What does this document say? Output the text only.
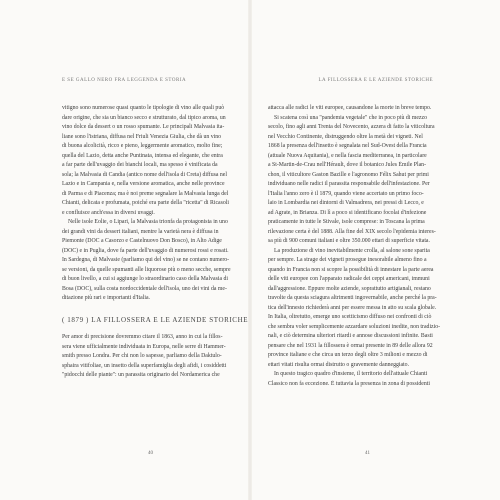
E SE GALLO NERO FRA LEGGENDA E STORIA
vitigno sono numerose quasi quanto le tipologie di vino alle quali può
dare origine, che sia un bianco secco e strutturato, dal tipico aroma, un
vino dolce da dessert o un rosso spumante. Le principali Malvasia ita-
liane sono l'istriana, diffusa nel Friuli Venezia Giulia, che dà un vino
di buona alcolicità, ricco e pieno, leggermente aromatico, molto fine;
quella del Lazio, detta anche Puntinata, intensa ed elegante, che entra
a far parte dell'uvaggio dei bianchi locali, ma spesso è vinificata da
sola; la Malvasia di Candia (antico nome dell'isola di Creta) diffusa nel
Lazio e in Campania e, nella versione aromatica, anche nelle province
di Parma e di Piacenza; ma è noi preme segnalare la Malvasia lunga del
Chianti, delicata e profumata, poiché era parte della "ricetta" di Ricasoli
e confluisce anch'essa in diversi uvaggi.
Nelle isole Eolie, o Lipari, la Malvasia trionfa da protagonista in uno
dei grandi vini da dessert italiani, mentre la varietà nera è diffusa in
Piemonte (DOC a Casorzo e Castelnuovo Don Bosco), in Alto Adige
(DOC) e in Puglia, dove fa parte dell'uvaggio di numerosi rossi e rosati.
In Sardegna, di Malvasie (parliamo qui del vino) se ne contano numero-
se versioni, da quelle spumanti alle liquorose più o meno secche, sempre
di buon livello, a cui si aggiunge lo straordinario caso della Malvasia di
Bosa (DOC), sulla costa nordoccidentale dell'isola, uno dei vini da me-
ditazione più rari e importanti d'Italia.
( 1879 ) LA FILLOSSERA E LE AZIENDE STORICHE
Per amor di precisione dovremmo citare il 1863, anno in cui la fillos-
sera viene ufficialmente individuata in Europa, nelle serre di Hammer-
smith presso Londra. Per chi non lo sapesse, parliamo della Daktulo-
sphaira vitifoliae, un insetto della superfamiglia degli afidi, i cosiddetti
"pidocchi delle piante": un parassita originario del Nordamerica che
40
LA FILLOSSERA E LE AZIENDE STORICHE
attacca alle radici le viti europee, causandone la morte in breve tempo.
Si scatena così una "pandemia vegetale" che in poco più di mezzo
secolo, fino agli anni Trenta del Novecento, azzera di fatto la viticoltura
nel Vecchio Continente, distruggendo oltre la metà dei vigneti. Nel
1868 la presenza dell'insetto è segnalata nel Sud-Ovest della Francia
(attuale Nuova Aquitania), e nella fascia mediterranea, in particolare
a St-Martin-de-Crau nell'Hérault, dove il botanico Jules Émile Plan-
chon, il viticultore Gaston Bazille e l'agronomo Félix Sahut per primi
individuano nelle radici il parassita responsabile dell'infestazione. Per
l'Italia l'anno zero è il 1879, quando viene accertato un primo foco-
laio in Lombardia nei dintorni di Valmadrera, nei pressi di Lecco, e
ad Agrate, in Brianza. Di lì a poco si identificano focolai d'infezione
praticamente in tutte le Stivale, isole comprese: in Toscana la prima
rilevazione certa è del 1888. Alla fine del XIX secolo l'epidemia interes-
sa più di 900 comuni italiani e oltre 350.000 ettari di superficie vitata.
La produzione di vino inevitabilmente crolla, al salone sone sparita
per sempre. La strage dei vigneti prosegue inesorabile almeno fino a
quando in Francia non si scopre la possibilità di innestare la parte aerea
delle viti europee con l'apparato radicale dei ceppi americani, immuni
dall'aggressione. Eppure molte aziende, soprattutto artigianali, restano
travolte da questa sciagura altrimenti ingovernabile, anche perché la pra-
tica dell'innesto richiederà anni per essere messa in atto su scala globale.
In Italia, oltretutto, emerge uno scetticismo diffuso nei confronti di ciò
che sembra voler semplicemente azzardare soluzioni inedite, non tradizio-
nali, e ciò determina ulteriori ritardi e annose discussioni infinite. Basti
pensare che nel 1931 la fillossera è ormai presente in 89 delle allora 92
province italiane e che circa un terzo degli oltre 3 milioni e mezzo di
ettari vitati risulta ormai distrutto o gravemente danneggiato.
In questo tragico quadro d'insieme, il territorio dell'attuale Chianti
Classico non fa eccezione. È tuttavia la presenza in zona di possidenti
41
